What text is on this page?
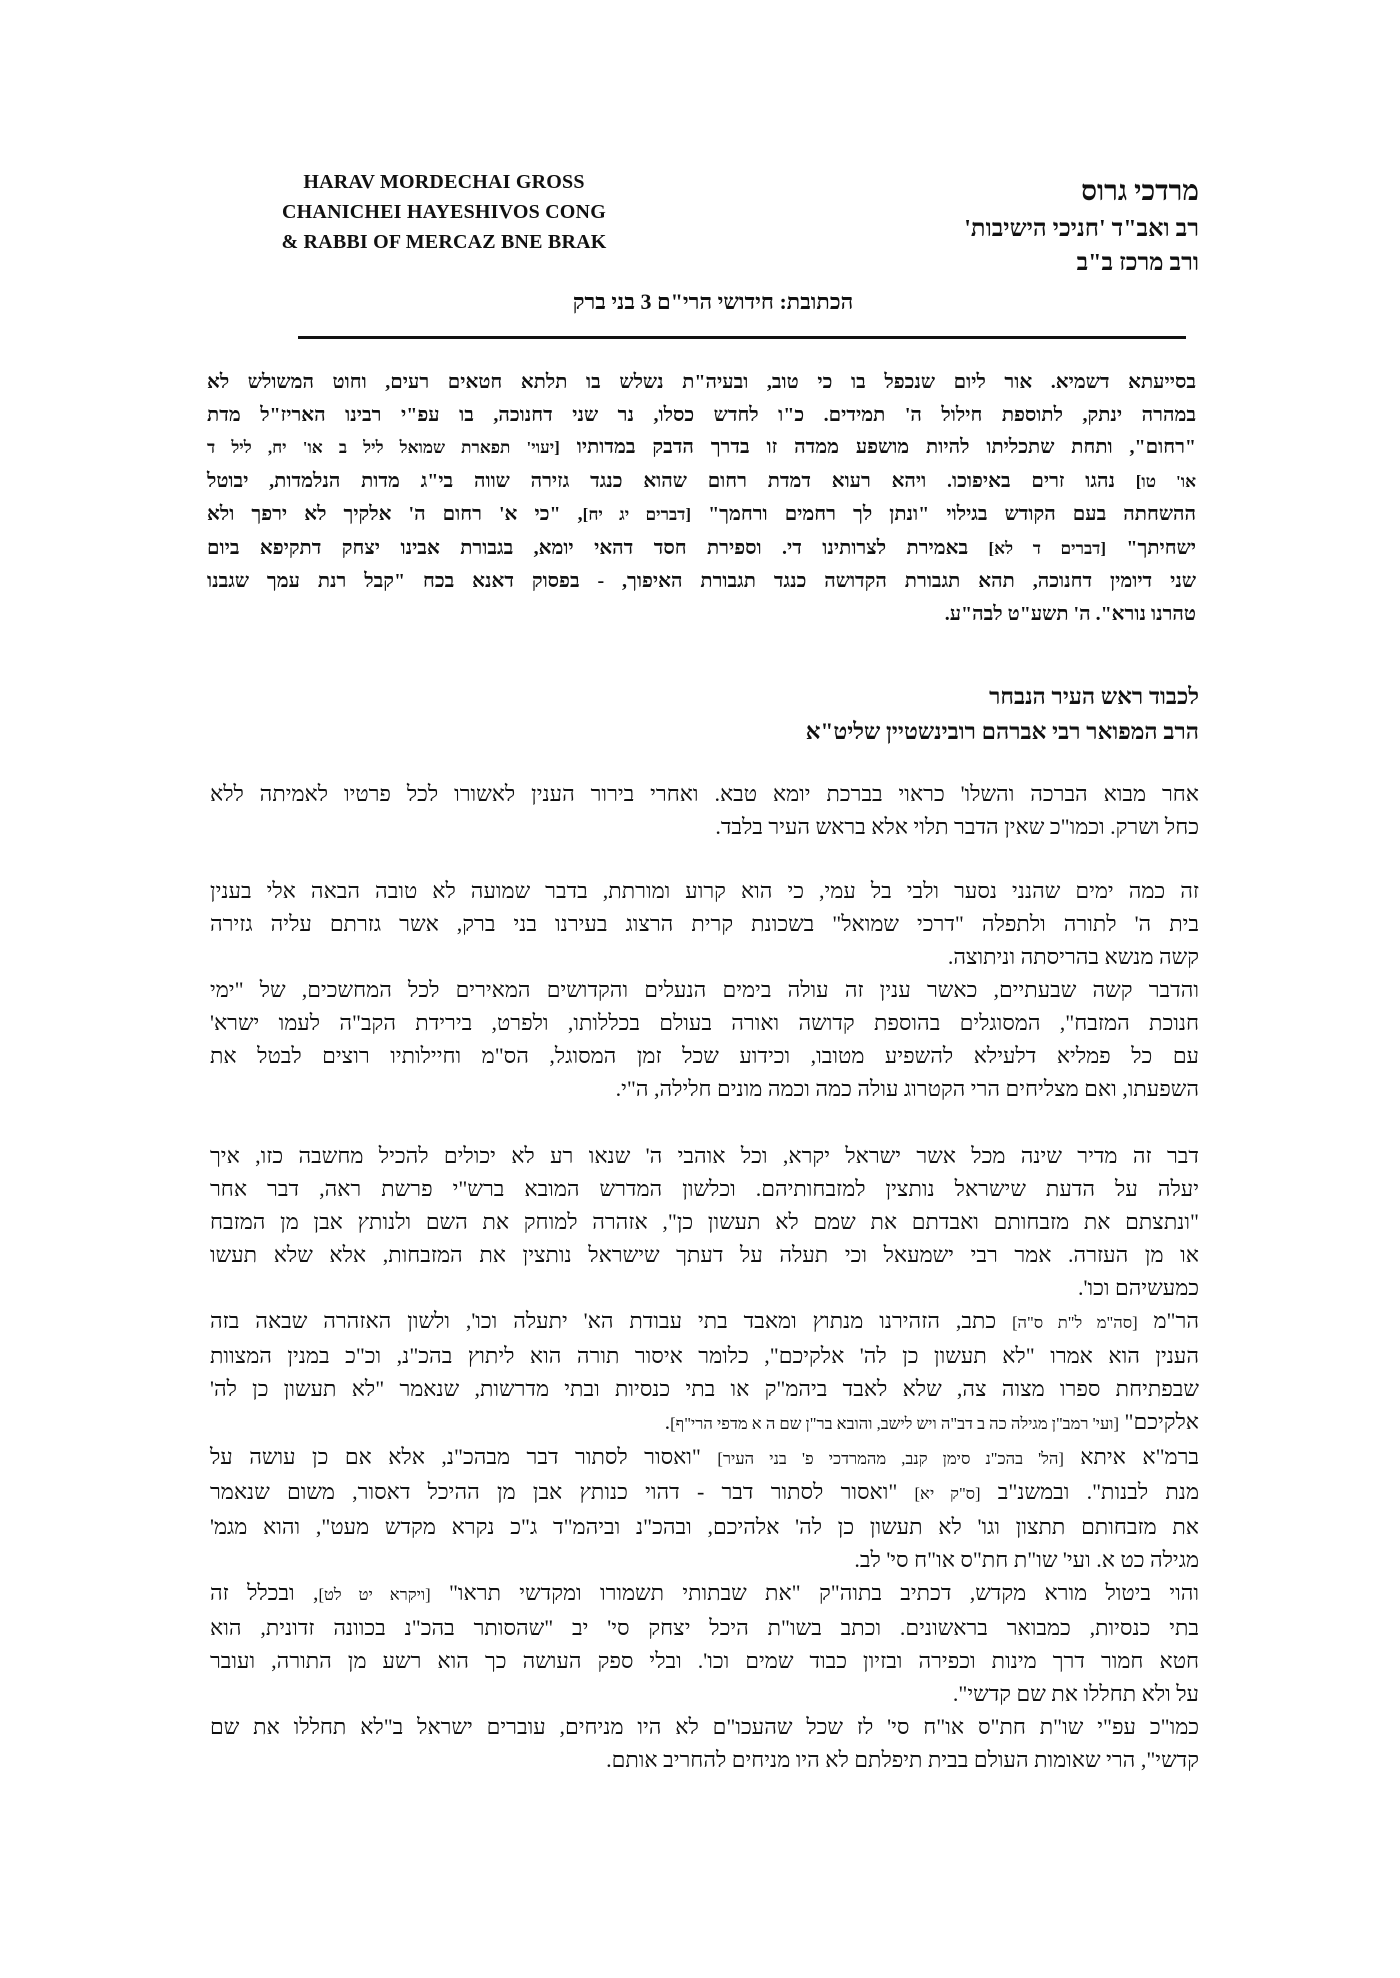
HARAV MORDECHAI GROSS
CHANICHEI HAYESHIVOS CONG
& RABBI OF MERCAZ BNE BRAK
מרדכי גרוס
רב ואב"ד 'חניכי הישיבות'
ורב מרכז ב"ב
הכתובת: חידושי הרי"ם 3 בני ברק
בסייעתא דשמיא. אור ליום שנכפל בו כי טוב, ובעיה"ת נשלש בו תלתא חטאים רעים, וחוט המשולש לא
במהרה ינתק, לתוספת חילול ה' תמידים. כ"ו לחדש כסלו, נר שני דחנוכה, בו עפ"י רבינו האריז"ל מדת
"רחום", ותחת שתכליתו להיות מושפע ממדה זו בדרך הדבק במדותיו [יעוי' תפארת שמואל ליל ב או' יח, ליל ד
או' טו] נהגו זרים באיפוכו. ויהא רעוא דמדת רחום שהוא כנגד גזירה שווה בי"ג מדות הנלמדות, יבוטל
ההשחתה בעם הקודש בגילוי "ונתן לך רחמים ורחמך" [דברים יג יח], "כי א' רחום ה' אלקיך לא ירפך ולא
ישחיתך" [דברים ד לא] באמירת לצרותינו די. וספירת חסד דהאי יומא, בגבורת אבינו יצחק דתקיפא ביום
שני דיומין דחנוכה, תהא תגבורת הקדושה כנגד תגבורת האיפוך, - בפסוק דאנא בכח "קבל רנת עמך שגבנו
טהרנו נורא". ה' תשע"ט לבה"ע.
לכבוד ראש העיר הנבחר
הרב המפואר רבי אברהם רובינשטיין שליט"א
אחר מבוא הברכה והשלו' כראוי בברכת יומא טבא. ואחרי בירור הענין לאשורו לכל פרטיו לאמיתה ללא
כחל ושרק. וכמו"כ שאין הדבר תלוי אלא בראש העיר בלבד.
זה כמה ימים שהנני נסער ולבי בל עמי, כי הוא קרוע ומורתת, בדבר שמועה לא טובה הבאה אלי בענין
בית ה' לתורה ולתפלה "דרכי שמואל" בשכונת קרית הרצוג בעירנו בני ברק, אשר גזרתם עליה גזירה
קשה מנשא בהריסתה וניתוצה.
והדבר קשה שבעתיים, כאשר ענין זה עולה בימים הנעלים והקדושים המאירים לכל המחשכים, של "ימי
חנוכת המזבח", המסוגלים בהוספת קדושה ואורה בעולם בכללותו, ולפרט, בירידת הקב"ה לעמו ישרא'
עם כל פמליא דלעילא להשפיע מטובו, וכידוע שכל זמן המסוגל, הס"מ וחיילותיו רוצים לבטל את
השפעתו, ואם מצליחים הרי הקטרוג עולה כמה וכמה מונים חלילה, ה"י.
דבר זה מדיר שינה מכל אשר ישראל יקרא, וכל אוהבי ה' שנאו רע לא יכולים להכיל מחשבה כזו, איך
יעלה על הדעת שישראל נותצין למזבחותיהם. וכלשון המדרש המובא ברש"י פרשת ראה, דבר אחר
"ונתצתם את מזבחותם ואבדתם את שמם לא תעשון כן", אזהרה למוחק את השם ולנותץ אבן מן המזבח
או מן העזרה. אמר רבי ישמעאל וכי תעלה על דעתך שישראל נותצין את המזבחות, אלא שלא תעשו
כמעשיהם וכו'.
הר"מ [סה"מ ל"ת ס"ה] כתב, הזהירנו מנתוץ ומאבד בתי עבודת הא' יתעלה וכו', ולשון האזהרה שבאה בזה
הענין הוא אמרו "לא תעשון כן לה' אלקיכם", כלומר איסור תורה הוא ליתוץ בהכ"נ, וכ"כ במנין המצוות
שבפתיחת ספרו מצוה צה, שלא לאבד ביהמ"ק או בתי כנסיות ובתי מדרשות, שנאמר "לא תעשון כן לה'
אלקיכם" [ועי' רמב"ן מגילה כה ב דב"ה ויש לישב, והובא בר"ן שם ה א מדפי הרי"ף].
ברמ"א איתא [הל' בהכ"נ סימן קנב, מהמרדכי פ' בני העיר] "ואסור לסתור דבר מבהכ"נ, אלא אם כן עושה על
מנת לבנות". ובמשנ"ב [ס"ק יא] "ואסור לסתור דבר - דהוי כנותץ אבן מן ההיכל דאסור, משום שנאמר
את מזבחותם תתצון וגו' לא תעשון כן לה' אלהיכם, ובהכ"נ וביהמ"ד ג"כ נקרא מקדש מעט", והוא מגמ'
מגילה כט א. ועי' שו"ת חת"ס או"ח סי' לב.
והוי ביטול מורא מקדש, דכתיב בתוה"ק "את שבתותי תשמורו ומקדשי תראו" [ויקרא יט לט], ובכלל זה
בתי כנסיות, כמבואר בראשונים. וכתב בשו"ת היכל יצחק סי' יב "שהסותר בהכ"נ בכוונה זדונית, הוא
חטא חמור דרך מינות וכפירה ובזיון כבוד שמים וכו'. ובלי ספק העושה כך הוא רשע מן התורה, ועובר
על ולא תחללו את שם קדשי".
כמו"כ עפ"י שו"ת חת"ס או"ח סי' לז שכל שהעכו"ם לא היו מניחים, עוברים ישראל ב"לא תחללו את שם
קדשי", הרי שאומות העולם בבית תיפלתם לא היו מניחים להחריב אותם.
